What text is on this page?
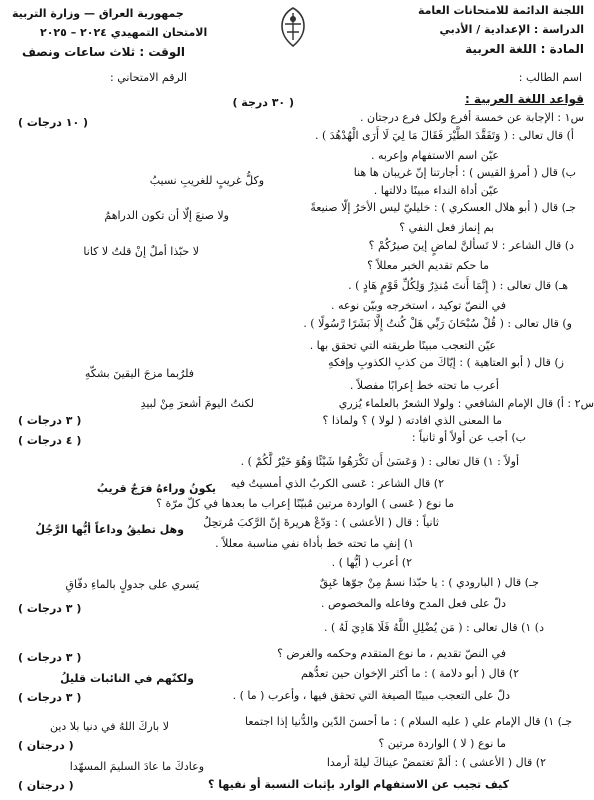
اللجنة الدائمة للامتحانات العامة
الدراسة : الإعدادية / الأدبي
المادة : اللغة العربية
جمهورية العراق — وزارة التربية
الامتحان التمهيدي ٢٠٢٤ – ٢٠٢٥
الوقت : ثلاث ساعات ونصف
اسم الطالب :
الرقم الامتحاني :
قواعد اللغة العربية :
( ٣٠ درجة )
س١ : الإجابة عن خمسة أفرع ولكل فرع درجتان .
( ١٠ درجات )
أ) قال تعالى : ( وَتَفَقَّدَ الطَّيْرَ فَقَالَ مَا لِيَ لَا أَرَى الْهُدْهُدَ ) .
عيّن اسم الاستفهام وإعربه .
ب) قال ( أمرؤ القيس ) : أجارتنا إنّ غريبان ها هنا
وكلُّ غريبٍ للغريبِ نسيبُ
عيّن أداة النداء مبينًا دلالتها .
جـ) قال ( أبو هلال العسكري ) : خليليّ ليس الأخرُ إلّا صنيعةً
ولا صنعَ إلّا أن تكون الدراهمُ
بم إنماز فعل النفي ؟
د) قال الشاعر : لا تَسألنَّ لماضٍ إينَ صيرُكُمْ ؟
لا حبّذا أملٌ إنْ قلتُ لا كانا
ما حكم تقديم الخبر معللاً ؟
هـ) قال تعالى : ( إِنَّمَا أَنتَ مُنذِرٌ وَلِكُلِّ قَوْمٍ هَادٍ ) .
في النصّ توكيد ، استخرجه وبيّن نوعه .
و) قال تعالى : ( قُلْ سُبْحَانَ رَبِّي هَلْ كُنتُ إِلَّا بَشَرًا رَّسُولًا ) .
عيّن التعجب مبينًا طريقته التي تحقق بها .
ز) قال ( أبو العتاهية ) : إيّاكَ من كذبِ الكذوبِ وإفكهِ
فلرُبما مزجَ اليقينَ بشكّهِ
أعرب ما تحته خط إعرابًا مفصلاً .
س٢ : أ) قال الإمام الشافعي : ولولا الشعرُ بالعلماء يُزري
لكنتُ اليومَ أشعرَ مِنْ لبيدِ
( ٣ درجات )	ما المعنى الذي افادته ( لولا ) ؟ ولماذا ؟
( ٤ درجات )	ب) أجب عن أولاً أو ثانياً :
أولاً : ١) قال تعالى : ( وَعَسَىٰ أَن تَكْرَهُوا شَيْئًا وَهُوَ خَيْرٌ لَّكُمْ ) .
٢) قال الشاعر : عَسى الكربُ الذي أمسيتُ فيه
يكونُ وراءهُ فرَجٌ قريبُ
ما نوع ( عَسى ) الواردة مرتين مُبيّنًا إعراب ما بعدها في كلّ مرّة ؟
ثانياً : قال ( الأعشى ) : وَدّعْ هريرةَ إنّ الرَّكبَ مُرتحِلُ
وهل تطيقُ وداعاً أيُّها الرَّجُلُ
١) إنفِ ما تحته خط بأداة نفي مناسبة معللاً .
٢) أعرب ( أيُّها ) .
جـ) قال ( البارودي ) : يا حبّذا نسمٌ مِنْ جوّها عَبِقٌ
يَسري على جدولٍ بالماءِ دفّاقِ
( ٣ درجات )	دلّ على فعل المدح وفاعله والمخصوص .
د) ١) قال تعالى : ( مَن يُضْلِلِ اللَّهُ فَلَا هَادِيَ لَهُ ) .
( ٣ درجات )	في النصّ تقديم ، ما نوع المتقدم وحكمه والغرض ؟
٢) قال ( أبو دلامة ) : ما أكثر الإخوان حين تعدُّهم
ولكنّهم في النائبات قليلُ
( ٣ درجات )	دلّ على التعجب مبينًا الصيغة التي تحقق فيها ، وأعرب ( ما ) .
جـ) ١) قال الإمام علي ( عليه السلام ) : ما أحسنَ الدّين والدُّنيا إذا اجتمعا
لا باركَ اللهُ في دنيا بلا دين
( درجتان )	ما نوع ( لا ) الواردة مرتين ؟
٢) قال ( الأعشى ) : ألمْ تغتمضْ عيناكَ ليلةَ أرمدا
وعادكَ ما عادَ السليمَ المسهّدا
( درجتان )	كيف تجيب عن الاستفهام الوارد بإثبات النسبة أو نفيها ؟
